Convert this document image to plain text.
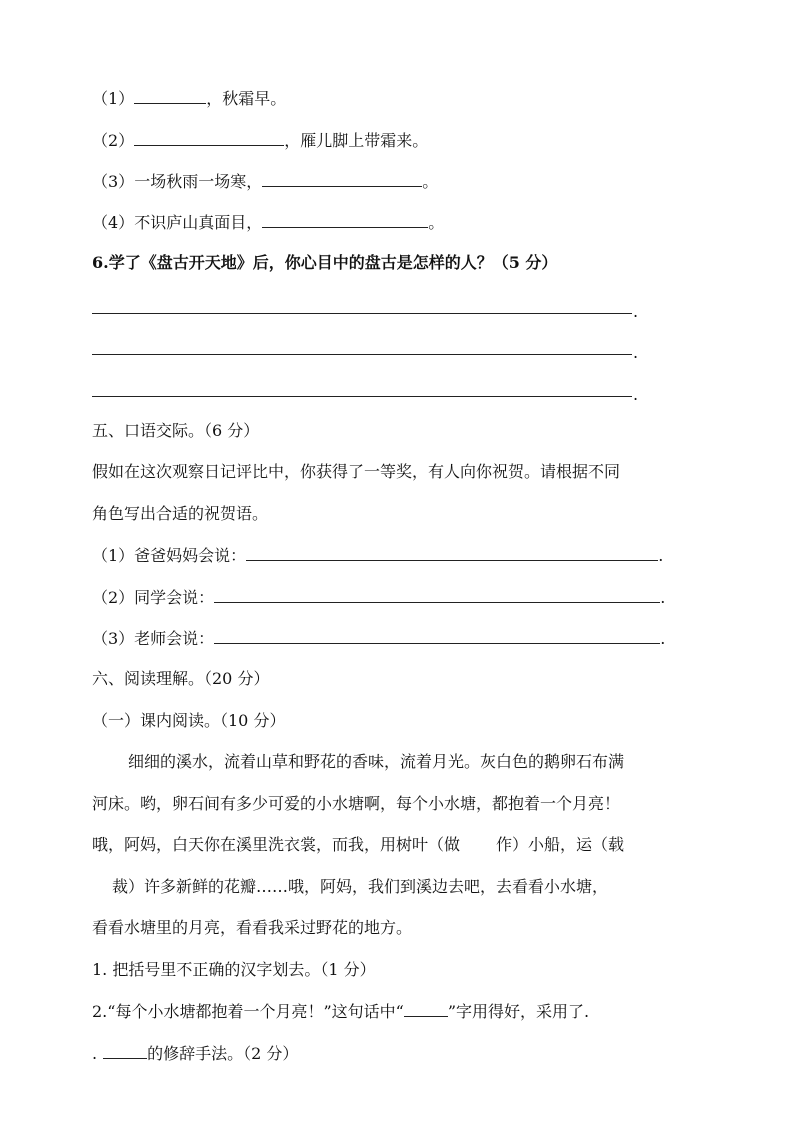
（1）	，秋霜早。
（2）	，雁儿脚上带霜来。
（3）一场秋雨一场寒，	。
（4）不识庐山真面目，	。
6.学了《盘古开天地》后，你心目中的盘古是怎样的人？（5 分）
.
.
.
五、口语交际。（6 分）
假如在这次观察日记评比中，你获得了一等奖，有人向你祝贺。请根据不同
角色写出合适的祝贺语。
（1）爸爸妈妈会说：	.
（2）同学会说：	.
（3）老师会说：	.
六、阅读理解。（20 分）
（一）课内阅读。（10 分）
细细的溪水，流着山草和野花的香味，流着月光。灰白色的鹅卵石布满
河床。哟，卵石间有多少可爱的小水塘啊，每个小水塘，都抱着一个月亮！
哦，阿妈，白天你在溪里洗衣裳，而我，用树叶（做 作）小船，运（载
裁）许多新鲜的花瓣……哦，阿妈，我们到溪边去吧，去看看小水塘，
看看水塘里的月亮，看看我采过野花的地方。
1. 把括号里不正确的汉字划去。（1 分）
2.“每个小水塘都抱着一个月亮！”这句话中“	”字用得好，采用了.
.	的修辞手法。（2 分）
